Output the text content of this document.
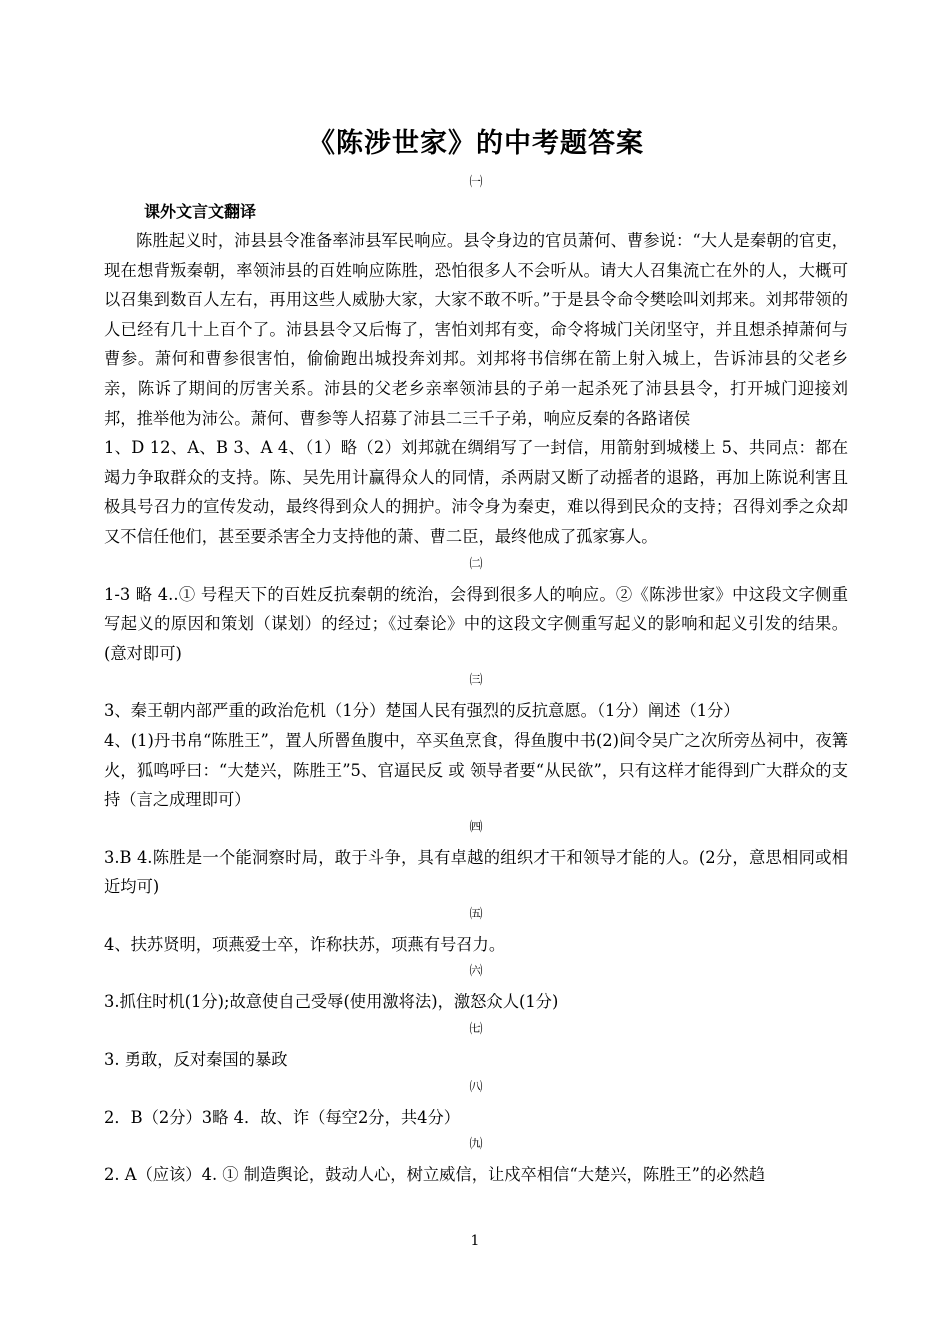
《陈涉世家》的中考题答案
㈠
课外文言文翻译

陈胜起义时，沛县县令准备率沛县军民响应。县令身边的官员萧何、曹参说：“大人是秦朝的官吏，现在想背叛秦朝，率领沛县的百姓响应陈胜，恐怕很多人不会听从。请大人召集流亡在外的人，大概可以召集到数百人左右，再用这些人威胁大家，大家不敢不听。”于是县令命令樊哙叫刘邦来。刘邦带领的人已经有几十上百个了。沛县县令又后悔了，害怕刘邦有变，命令将城门关闭坚守，并且想杀掉萧何与曹参。萧何和曹参很害怕，偷偷跑出城投奔刘邦。刘邦将书信绑在箭上射入城上，告诉沛县的父老乡亲，陈诉了期间的厉害关系。沛县的父老乡亲率领沛县的子弟一起杀死了沛县县令，打开城门迎接刘邦，推举他为沛公。萧何、曹参等人招募了沛县二三千子弟，响应反秦的各路诸侯

1、D 12、A、B 3、A 4、（1）略（2）刘邦就在绸绢写了一封信，用箭射到城楼上 5、共同点：都在竭力争取群众的支持。陈、吴先用计赢得众人的同情，杀两尉又断了动摇者的退路，再加上陈说利害且极具号召力的宣传发动，最终得到众人的拥护。沛令身为秦吏，难以得到民众的支持；召得刘季之众却又不信任他们，甚至要杀害全力支持他的萧、曹二臣，最终他成了孤家寡人。

㈡

1-3 略 4..① 号程天下的百姓反抗秦朝的统治，会得到很多人的响应。②《陈涉世家》中这段文字侧重写起义的原因和策划（谋划）的经过；《过秦论》中的这段文字侧重写起义的影响和起义引发的结果。(意对即可)

㈢

3、秦王朝内部严重的政治危机（1分）楚国人民有强烈的反抗意愿。（1分）阐述（1分）

4、(1)丹书帛“陈胜王”，置人所罾鱼腹中，卒买鱼烹食，得鱼腹中书(2)间令吴广之次所旁丛祠中，夜篝火，狐鸣呼曰：“大楚兴，陈胜王”5、官逼民反 或 领导者要“从民欲”，只有这样才能得到广大群众的支持（言之成理即可）

㈣

3.B 4.陈胜是一个能洞察时局，敢于斗争，具有卓越的组织才干和领导才能的人。(2分，意思相同或相近均可)

㈤

4、扶苏贤明，项燕爱士卒，诈称扶苏，项燕有号召力。

㈥

3.抓住时机(1分);故意使自己受辱(使用激将法)，激怒众人(1分)

㈦

3. 勇敢，反对秦国的暴政

㈧

2．B（2分）3略 4．故、诈（每空2分，共4分）

㈨

2. A（应该）4. ① 制造舆论，鼓动人心，树立威信，让戍卒相信“大楚兴，陈胜王”的必然趋

1
